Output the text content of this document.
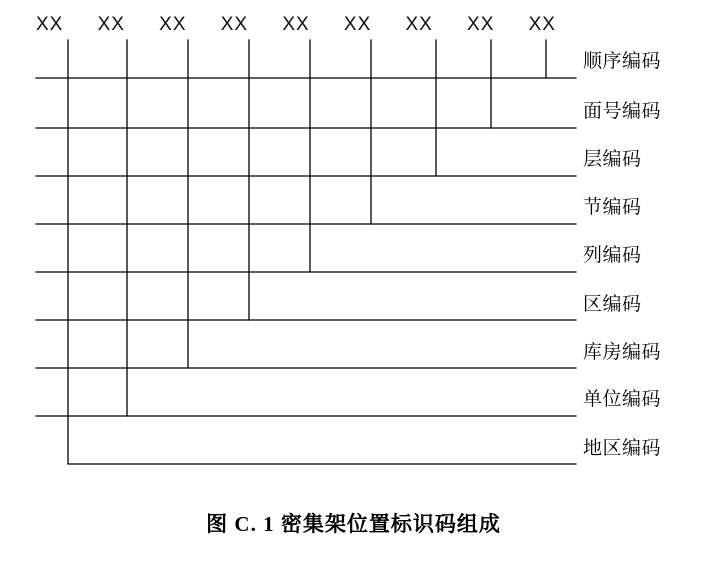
XX XX XX XX XX XX XX XX XX
顺序编码
面号编码
层编码
节编码
列编码
区编码
库房编码
单位编码
地区编码
图 C. 1 密集架位置标识码组成
